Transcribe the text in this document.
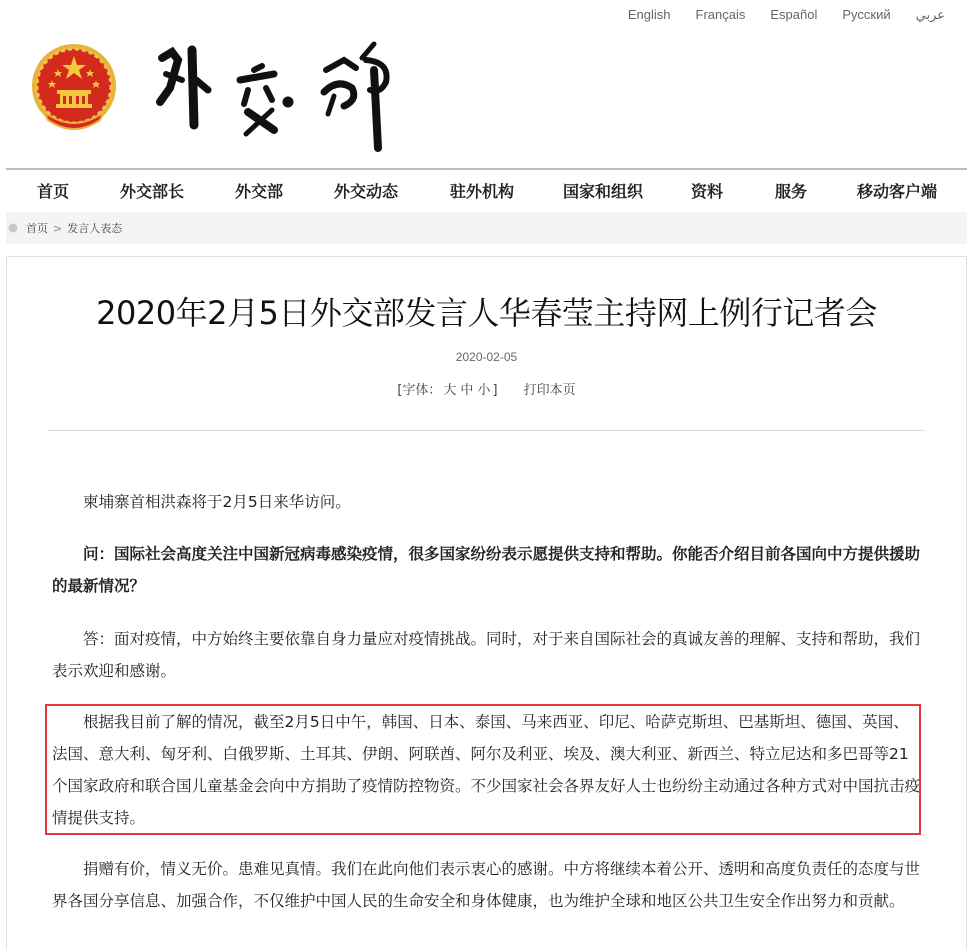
English Français Español Русский عربي
首页	外交部长	外交部	外交动态	驻外机构	国家和组织	资料	服务	移动客户端
首页 > 发言人表态
2020年2月5日外交部发言人华春莹主持网上例行记者会
2020-02-05
[字体： 大 中 小 ] 打印本页

柬埔寨首相洪森将于2月5日来华访问。

问：国际社会高度关注中国新冠病毒感染疫情，很多国家纷纷表示愿提供支持和帮助。你能否介绍目前各国向中方提供援助的最新情况？

答：面对疫情，中方始终主要依靠自身力量应对疫情挑战。同时，对于来自国际社会的真诚友善的理解、支持和帮助，我们表示欢迎和感谢。

根据我目前了解的情况，截至2月5日中午，韩国、日本、泰国、马来西亚、印尼、哈萨克斯坦、巴基斯坦、德国、英国、法国、意大利、匈牙利、白俄罗斯、土耳其、伊朗、阿联酋、阿尔及利亚、埃及、澳大利亚、新西兰、特立尼达和多巴哥等21个国家政府和联合国儿童基金会向中方捐助了疫情防控物资。不少国家社会各界友好人士也纷纷主动通过各种方式对中国抗击疫情提供支持。

捐赠有价，情义无价。患难见真情。我们在此向他们表示衷心的感谢。中方将继续本着公开、透明和高度负责任的态度与世界各国分享信息、加强合作，不仅维护中国人民的生命安全和身体健康，也为维护全球和地区公共卫生安全作出努力和贡献。
